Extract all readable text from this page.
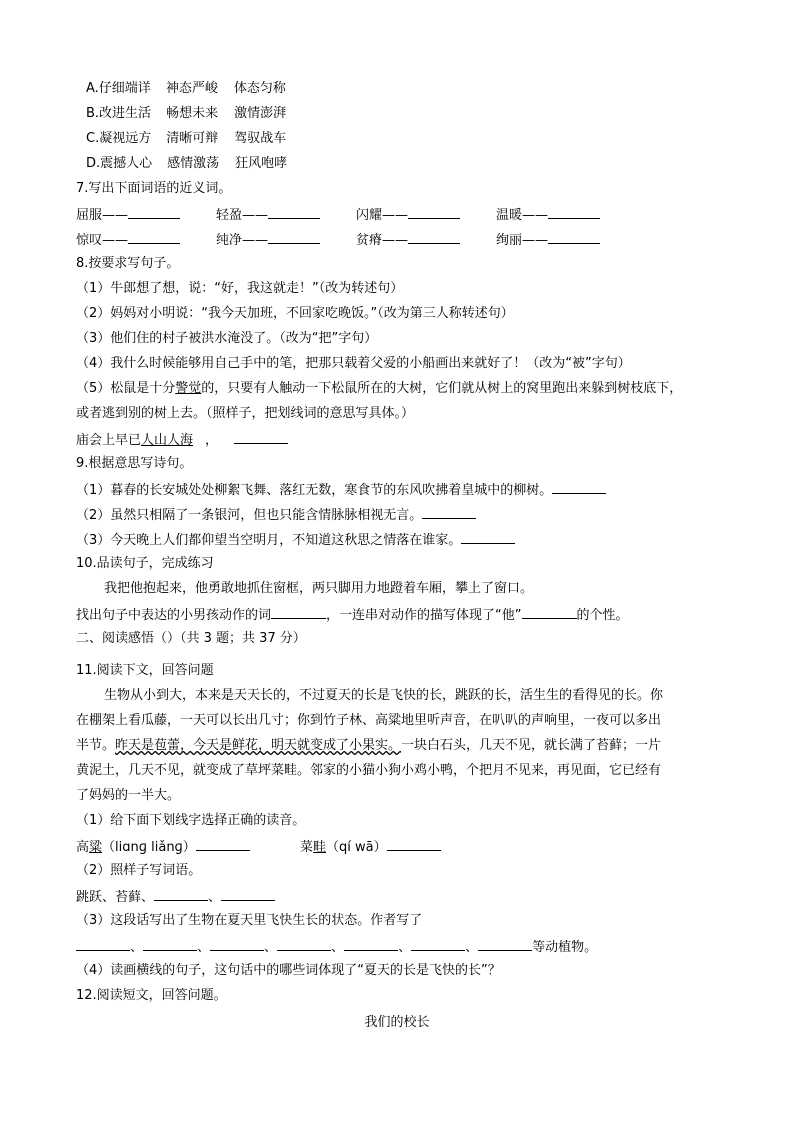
A.仔细端详 神态严峻 体态匀称
B.改进生活 畅想未来 激情澎湃
C.凝视远方 清晰可辩 驾驭战车
D.震撼人心 感情激荡 狂风咆哮
7.写出下面词语的近义词。
屈服——	轻盈——	闪耀——	温暖——
惊叹——	纯净——	贫瘠——	绚丽——
8.按要求写句子。
（1）牛郎想了想，说：“好，我这就走！”（改为转述句）
（2）妈妈对小明说：“我今天加班，不回家吃晚饭。”（改为第三人称转述句）
（3）他们住的村子被洪水淹没了。（改为“把”字句）
（4）我什么时候能够用自己手中的笔，把那只载着父爱的小船画出来就好了！（改为“被”字句）
（5）松鼠是十分警觉的，只要有人触动一下松鼠所在的大树，它们就从树上的窝里跑出来躲到树枝底下，
或者逃到别的树上去。（照样子，把划线词的意思写具体。）
庙会上早已人山人海 ，
9.根据意思写诗句。
（1）暮春的长安城处处柳絮飞舞、落红无数，寒食节的东风吹拂着皇城中的柳树。
（2）虽然只相隔了一条银河，但也只能含情脉脉相视无言。
（3）今天晚上人们都仰望当空明月，不知道这秋思之情落在谁家。
10.品读句子，完成练习
我把他抱起来，他勇敢地抓住窗框，两只脚用力地蹬着车厢，攀上了窗口。
找出句子中表达的小男孩动作的词	，一连串对动作的描写体现了“他”	的个性。
二、阅读感悟（）（共 3 题；共 37 分）
11.阅读下文，回答问题
生物从小到大，本来是天天长的，不过夏天的长是飞快的长，跳跃的长，活生生的看得见的长。你
在棚架上看瓜藤，一天可以长出几寸；你到竹子林、高粱地里听声音，在叭叭的声响里，一夜可以多出
半节。昨天是苞蕾，今天是鲜花，明天就变成了小果实。一块白石头，几天不见，就长满了苔藓；一片
黄泥土，几天不见，就变成了草坪菜畦。邻家的小猫小狗小鸡小鸭，个把月不见来，再见面，它已经有
了妈妈的一半大。
（1）给下面下划线字选择正确的读音。
高粱（liɑnɡ liǎnɡ）	菜畦（qí wā）
（2）照样子写词语。
跳跃、苔藓、	、
（3）这段话写出了生物在夏天里飞快生长的状态。作者写了
、	、	、	、	、	、	等动植物。
（4）读画横线的句子，这句话中的哪些词体现了“夏天的长是飞快的长”？
12.阅读短文，回答问题。
我们的校长
